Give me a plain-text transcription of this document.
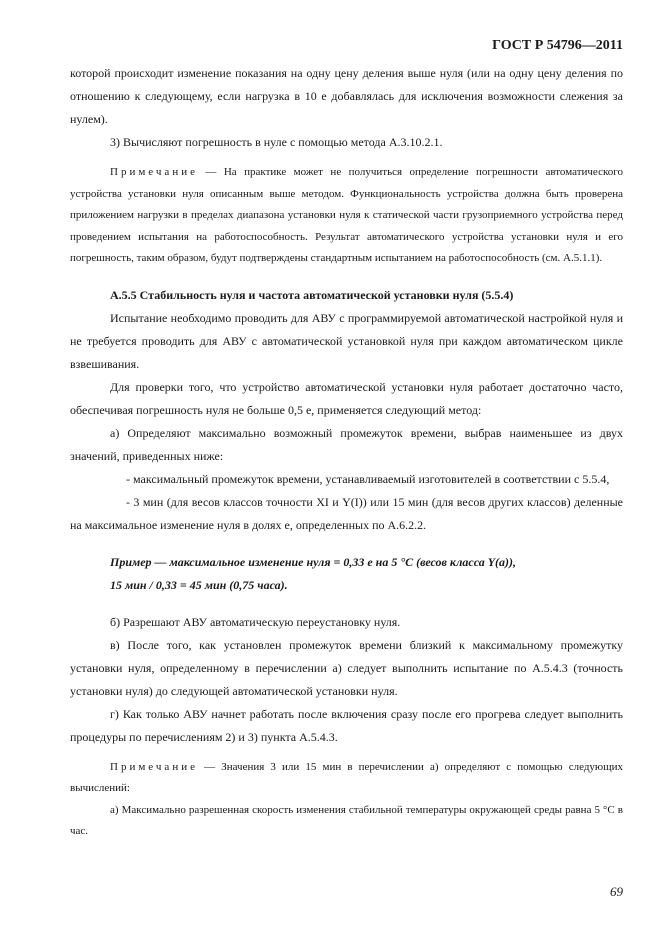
ГОСТ Р 54796—2011

которой происходит изменение показания на одну цену деления выше нуля (или на одну цену деления по отношению к следующему, если нагрузка в 10 e добавлялась для исключения возможности слежения за нулем).

3) Вычисляют погрешность в нуле с помощью метода А.3.10.2.1.

Примечание — На практике может не получиться определение погрешности автоматического устройства установки нуля описанным выше методом. Функциональность устройства должна быть проверена приложением нагрузки в пределах диапазона установки нуля к статической части грузоприемного устройства перед проведением испытания на работоспособность. Результат автоматического устройства установки нуля и его погрешность, таким образом, будут подтверждены стандартным испытанием на работоспособность (см. А.5.1.1).

А.5.5 Стабильность нуля и частота автоматической установки нуля (5.5.4)

Испытание необходимо проводить для АВУ с программируемой автоматической настройкой нуля и не требуется проводить для АВУ с автоматической установкой нуля при каждом автоматическом цикле взвешивания.

Для проверки того, что устройство автоматической установки нуля работает достаточно часто, обеспечивая погрешность нуля не больше 0,5 e, применяется следующий метод:

а) Определяют максимально возможный промежуток времени, выбрав наименьшее из двух значений, приведенных ниже:

- максимальный промежуток времени, устанавливаемый изготовителей в соответствии с 5.5.4,

- 3 мин (для весов классов точности XI и Y(I)) или 15 мин (для весов других классов) деленные на максимальное изменение нуля в долях e, определенных по А.6.2.2.

Пример — максимальное изменение нуля = 0,33 e на 5 °С (весов класса Y(a)),

15 мин / 0,33 = 45 мин (0,75 часа).

б) Разрешают АВУ автоматическую переустановку нуля.

в) После того, как установлен промежуток времени близкий к максимальному промежутку установки нуля, определенному в перечислении а) следует выполнить испытание по А.5.4.3 (точность установки нуля) до следующей автоматической установки нуля.

г) Как только АВУ начнет работать после включения сразу после его прогрева следует выполнить процедуры по перечислениям 2) и 3) пункта А.5.4.3.

Примечание — Значения 3 или 15 мин в перечислении а) определяют с помощью следующих вычислений:

а) Максимально разрешенная скорость изменения стабильной температуры окружающей среды равна 5 °С в час.

69
